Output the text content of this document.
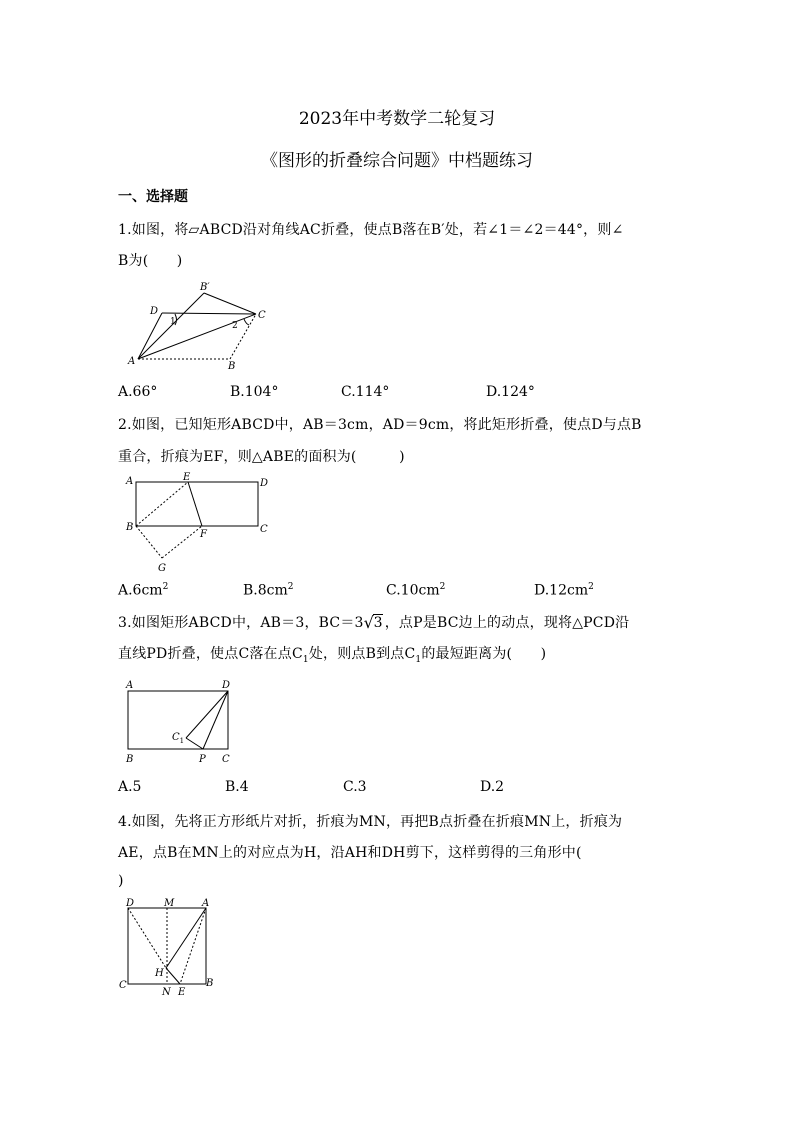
2023年中考数学二轮复习
《图形的折叠综合问题》中档题练习
一、选择题
1.如图，将▱ABCD沿对角线AC折叠，使点B落在B′处，若∠1＝∠2＝44°，则∠
B为(　　)
D
B′
C
1	2
A	B
A.66°	B.104°	C.114°	D.124°
2.如图，已知矩形ABCD中，AB＝3cm，AD＝9cm，将此矩形折叠，使点D与点B
重合，折痕为EF，则△ABE的面积为(　　　)
A	E
D
B
F	C
G
$A.6cm^2$	$B.8cm^2$	$C.10cm^2$	$D.12cm^2$
3.如图矩形ABCD中，AB＝3，BC＝3 √ 3 ，点P是BC边上的动点，现将△PCD沿
直线PD折叠，使点C落在点$C_1$处，则点B到点$C_1$的最短距离为(　　)
A	D
$C_1$
B	P C
A.5	B.4	C.3	D.2
4.如图，先将正方形纸片对折，折痕为MN，再把B点折叠在折痕MN上，折痕为
AE，点B在MN上的对应点为H，沿AH和DH剪下，这样剪得的三角形中(
)
D	M	A
H
C
N E
B
